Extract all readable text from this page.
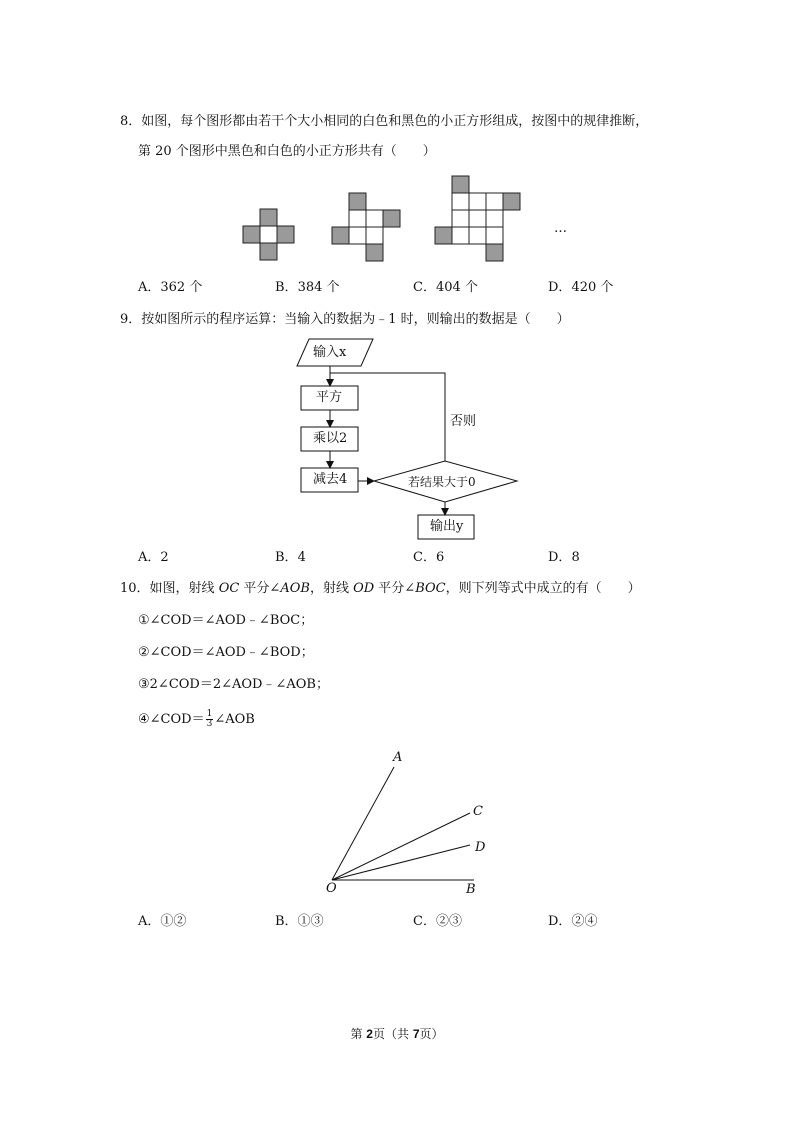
8．如图，每个图形都由若干个大小相同的白色和黑色的小正方形组成，按图中的规律推断，
第 20 个图形中黑色和白色的小正方形共有（　　）
…
A．362 个	B．384 个	C．404 个	D．420 个
9．按如图所示的程序运算：当输入的数据为﹣1 时，则输出的数据是（　　）
输入x
平方
乘以2
减去4	若结果大于0
否则
输出y
A．2	B．4	C．6	D．8
10．如图，射线 OC 平分∠AOB，射线 OD 平分∠BOC，则下列等式中成立的有（　　）
①∠COD＝∠AOD﹣∠BOC；
②∠COD＝∠AOD﹣∠BOD；
③2∠COD＝2∠AOD﹣∠AOB；
④∠COD＝ $\frac{1}{3}$ ∠AOB
A
C
D
O	B
A．①②	B．①③	C．②③	D．②④
第 2页（共 7页）
